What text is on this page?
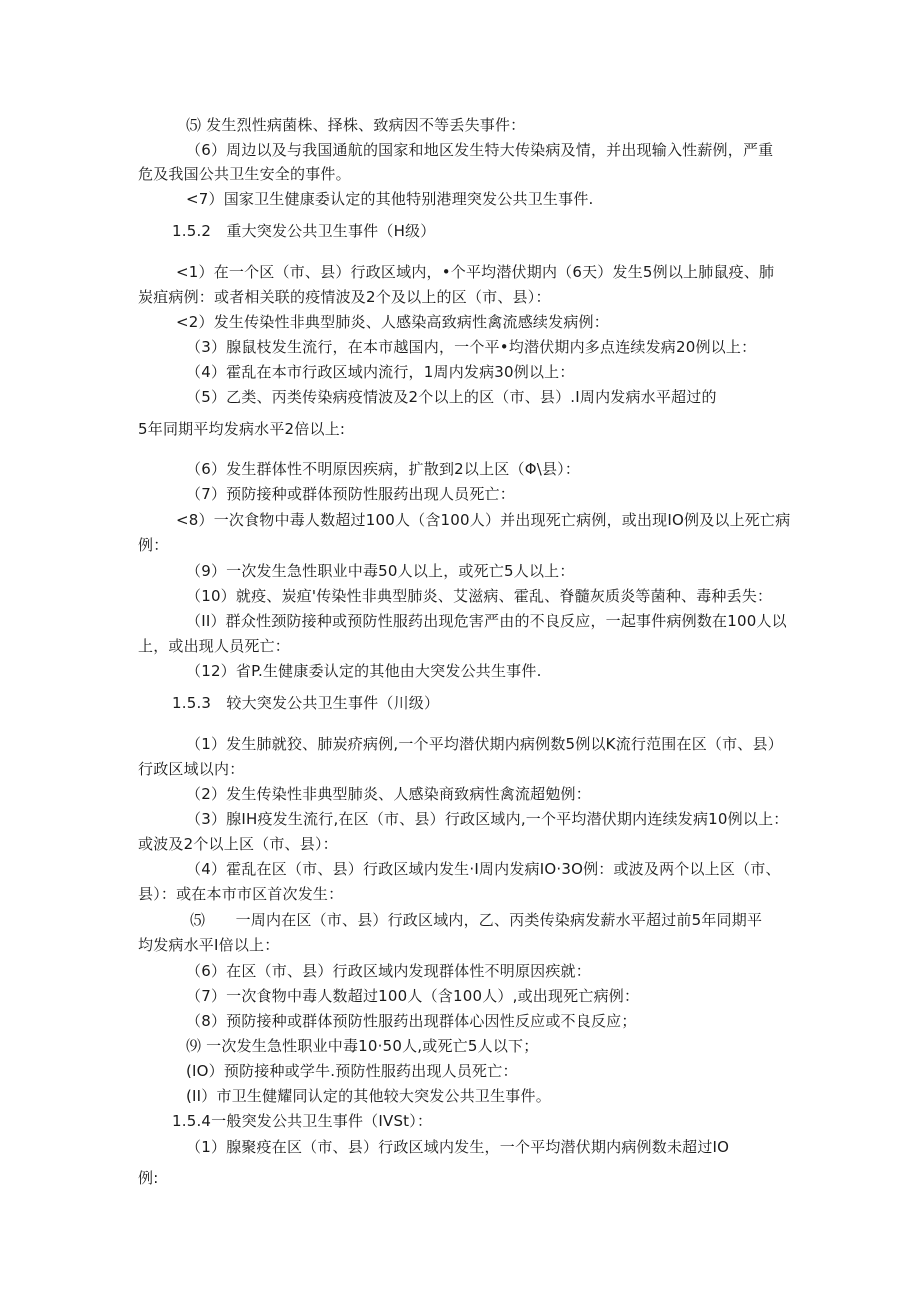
⑸ 发生烈性病菌株、择株、致病因不等丢失事件：
（6）周边以及与我国通航的国家和地区发生特大传染病及情，并出现输入性薪例，严重
危及我国公共卫生安全的事件。
<7）国家卫生健康委认定的其他特别港理突发公共卫生事件.
1.5.2　重大突发公共卫生事件（H级）
<1）在一个区（市、县）行政区域内，•个平均潜伏期内（6天）发生5例以上肺鼠疫、肺
炭疽病例：或者相关联的疫情波及2个及以上的区（市、县）：
<2）发生传染性非典型肺炎、人感染高致病性禽流感续发病例：
（3）腺鼠枝发生流行，在本市越国内，一个平•均潜伏期内多点连续发病20例以上：
（4）霍乱在本市行政区域内流行，1周内发病30例以上：
（5）乙类、丙类传染病疫情波及2个以上的区（市、县）.I周内发病水平超过的
5年同期平均发病水平2倍以上:
（6）发生群体性不明原因疾病，扩散到2以上区（Φ\县）：
（7）预防接种或群体预防性服药出现人员死亡：
<8）一次食物中毒人数超过100人（含100人）并出现死亡病例，或出现IO例及以上死亡病
例：
（9）一次发生急性职业中毒50人以上，或死亡5人以上：
（10）就疫、炭疸'传染性非典型肺炎、艾滋病、霍乱、脊髓灰质炎等菌种、毒种丢失：
（II）群众性颈防接种或预防性服药出现危害严由的不良反应，一起事件病例数在100人以
上，或出现人员死亡：
（12）省P.生健康委认定的其他由大突发公共生事件.
1.5.3　较大突发公共卫生事件（川级）
（1）发生肺就狡、肺炭疥病例,一个平均潜伏期内病例数5例以K流行范围在区（市、县）
行政区域以内：
（2）发生传染性非典型肺炎、人感染商致病性禽流超勉例：
（3）腺IH疫发生流行,在区（市、县）行政区域内,一个平均潜伏期内连续发病10例以上：
或波及2个以上区（市、县）：
（4）霍乱在区（市、县）行政区域内发生·I周内发病IO·3O例：或波及两个以上区（市、
县）：或在本市市区首次发生：
⑸　　一周内在区（市、县）行政区域内，乙、丙类传染病发薪水平超过前5年同期平
均发病水平I倍以上：
（6）在区（市、县）行政区域内发现群体性不明原因疾就：
（7）一次食物中毒人数超过100人（含100人）,或出现死亡病例：
（8）预防接种或群体预防性服药出现群体心因性反应或不良反应；
⑼ 一次发生急性职业中毒10·50人,或死亡5人以下；
(IO）预防接种或学牛.预防性服药出现人员死亡：
(II）市卫生健耀同认定的其他较大突发公共卫生事件。
1.5.4一般突发公共卫生事件（IVSt）：
（1）腺聚疫在区（市、县）行政区域内发生，一个平均潜伏期内病例数未超过IO
例:
